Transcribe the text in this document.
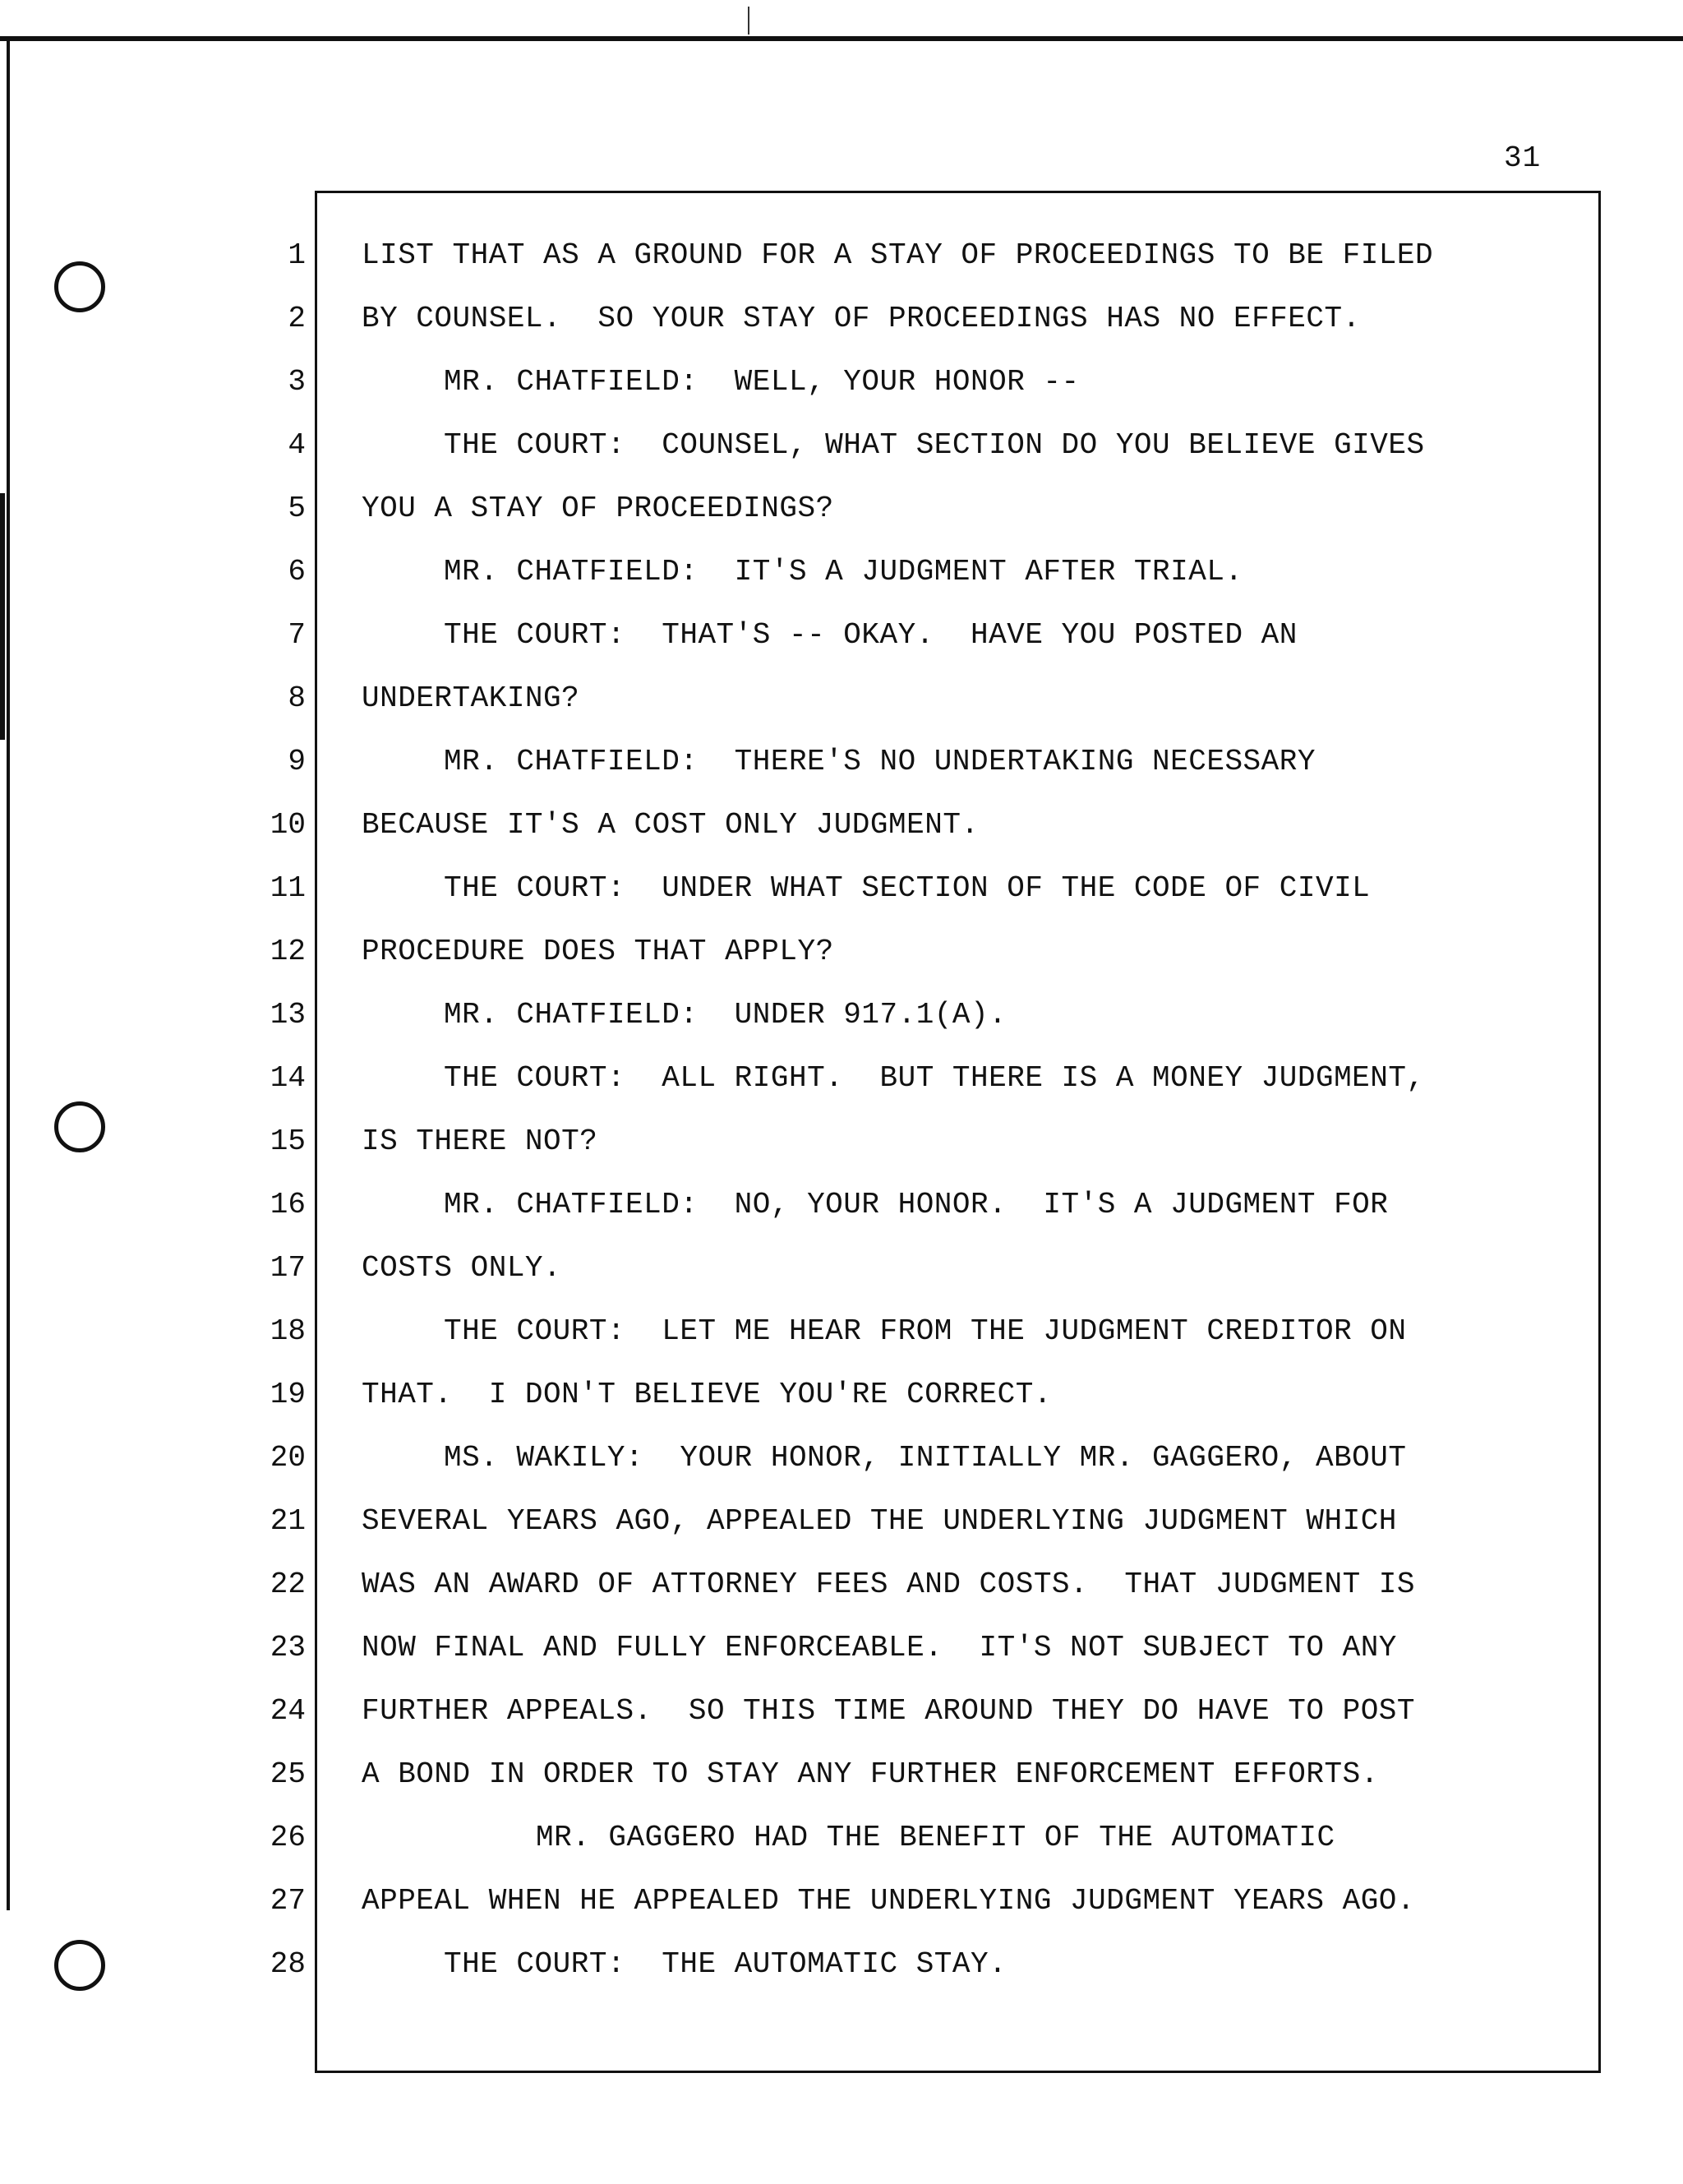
31
1 LIST THAT AS A GROUND FOR A STAY OF PROCEEDINGS TO BE FILED
2 BY COUNSEL.  SO YOUR STAY OF PROCEEDINGS HAS NO EFFECT.
3	MR. CHATFIELD:  WELL, YOUR HONOR --
4	THE COURT:  COUNSEL, WHAT SECTION DO YOU BELIEVE GIVES
5 YOU A STAY OF PROCEEDINGS?
6	MR. CHATFIELD:  IT'S A JUDGMENT AFTER TRIAL.
7	THE COURT:  THAT'S -- OKAY.  HAVE YOU POSTED AN
8 UNDERTAKING?
9	MR. CHATFIELD:  THERE'S NO UNDERTAKING NECESSARY
10 BECAUSE IT'S A COST ONLY JUDGMENT.
11	THE COURT:  UNDER WHAT SECTION OF THE CODE OF CIVIL
12 PROCEDURE DOES THAT APPLY?
13	MR. CHATFIELD:  UNDER 917.1(A).
14	THE COURT:  ALL RIGHT.  BUT THERE IS A MONEY JUDGMENT,
15 IS THERE NOT?
16	MR. CHATFIELD:  NO, YOUR HONOR.  IT'S A JUDGMENT FOR
17 COSTS ONLY.
18	THE COURT:  LET ME HEAR FROM THE JUDGMENT CREDITOR ON
19 THAT.  I DON'T BELIEVE YOU'RE CORRECT.
20	MS. WAKILY:  YOUR HONOR, INITIALLY MR. GAGGERO, ABOUT
21 SEVERAL YEARS AGO, APPEALED THE UNDERLYING JUDGMENT WHICH
22 WAS AN AWARD OF ATTORNEY FEES AND COSTS.  THAT JUDGMENT IS
23 NOW FINAL AND FULLY ENFORCEABLE.  IT'S NOT SUBJECT TO ANY
24 FURTHER APPEALS.  SO THIS TIME AROUND THEY DO HAVE TO POST
25 A BOND IN ORDER TO STAY ANY FURTHER ENFORCEMENT EFFORTS.
26	MR. GAGGERO HAD THE BENEFIT OF THE AUTOMATIC
27 APPEAL WHEN HE APPEALED THE UNDERLYING JUDGMENT YEARS AGO.
28	THE COURT:  THE AUTOMATIC STAY.
